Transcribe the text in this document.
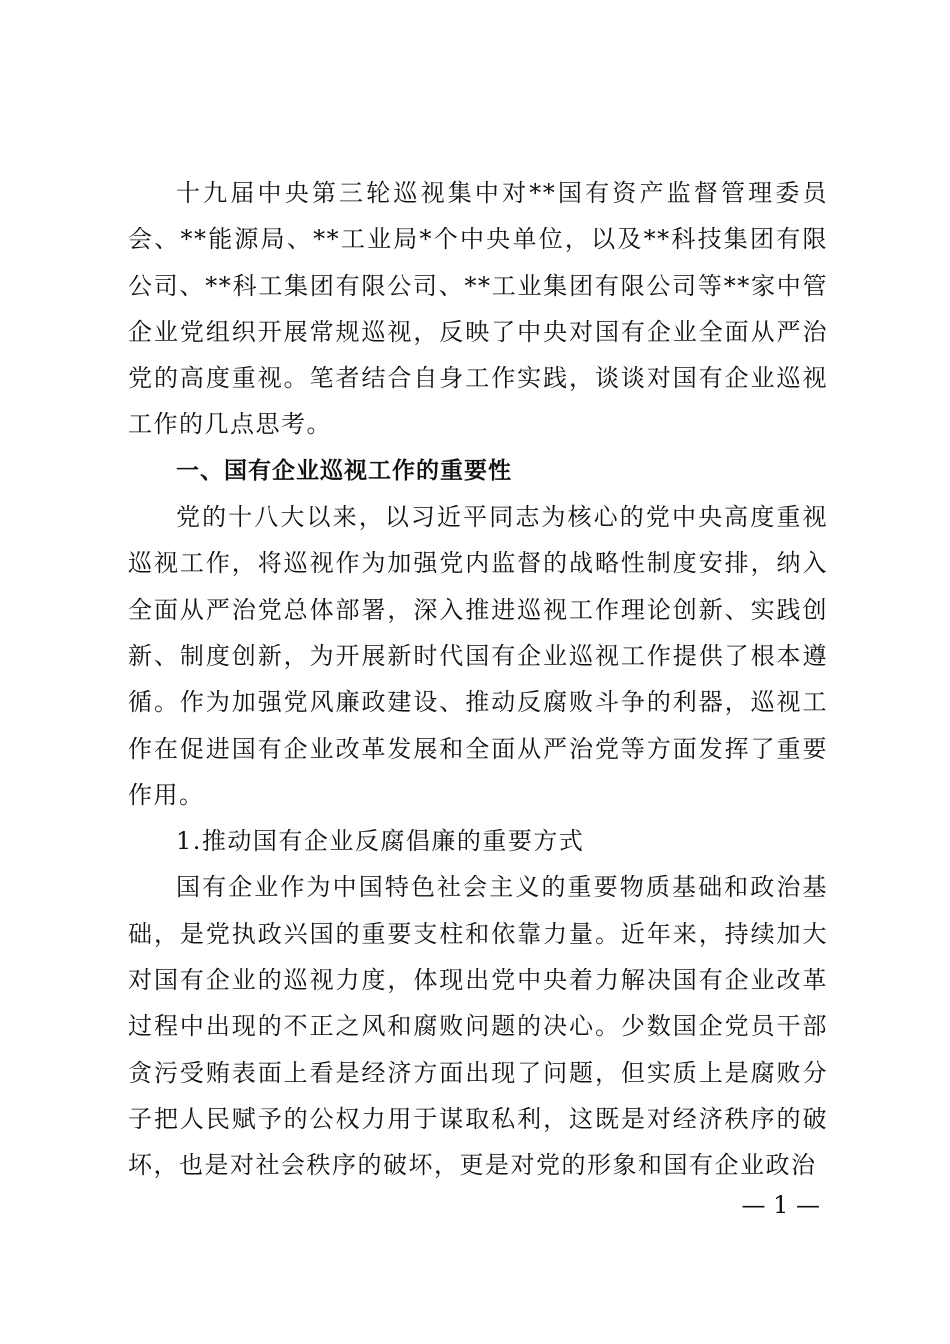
十九届中央第三轮巡视集中对**国有资产监督管理委员会、**能源局、**工业局*个中央单位，以及**科技集团有限公司、**科工集团有限公司、**工业集团有限公司等**家中管企业党组织开展常规巡视，反映了中央对国有企业全面从严治党的高度重视。笔者结合自身工作实践，谈谈对国有企业巡视工作的几点思考。

一、国有企业巡视工作的重要性

党的十八大以来，以习近平同志为核心的党中央高度重视巡视工作，将巡视作为加强党内监督的战略性制度安排，纳入全面从严治党总体部署，深入推进巡视工作理论创新、实践创新、制度创新，为开展新时代国有企业巡视工作提供了根本遵循。作为加强党风廉政建设、推动反腐败斗争的利器，巡视工作在促进国有企业改革发展和全面从严治党等方面发挥了重要作用。

1.推动国有企业反腐倡廉的重要方式

国有企业作为中国特色社会主义的重要物质基础和政治基础，是党执政兴国的重要支柱和依靠力量。近年来，持续加大对国有企业的巡视力度，体现出党中央着力解决国有企业改革过程中出现的不正之风和腐败问题的决心。少数国企党员干部贪污受贿表面上看是经济方面出现了问题，但实质上是腐败分子把人民赋予的公权力用于谋取私利，这既是对经济秩序的破坏，也是对社会秩序的破坏，更是对党的形象和国有企业政治

— 1 —
